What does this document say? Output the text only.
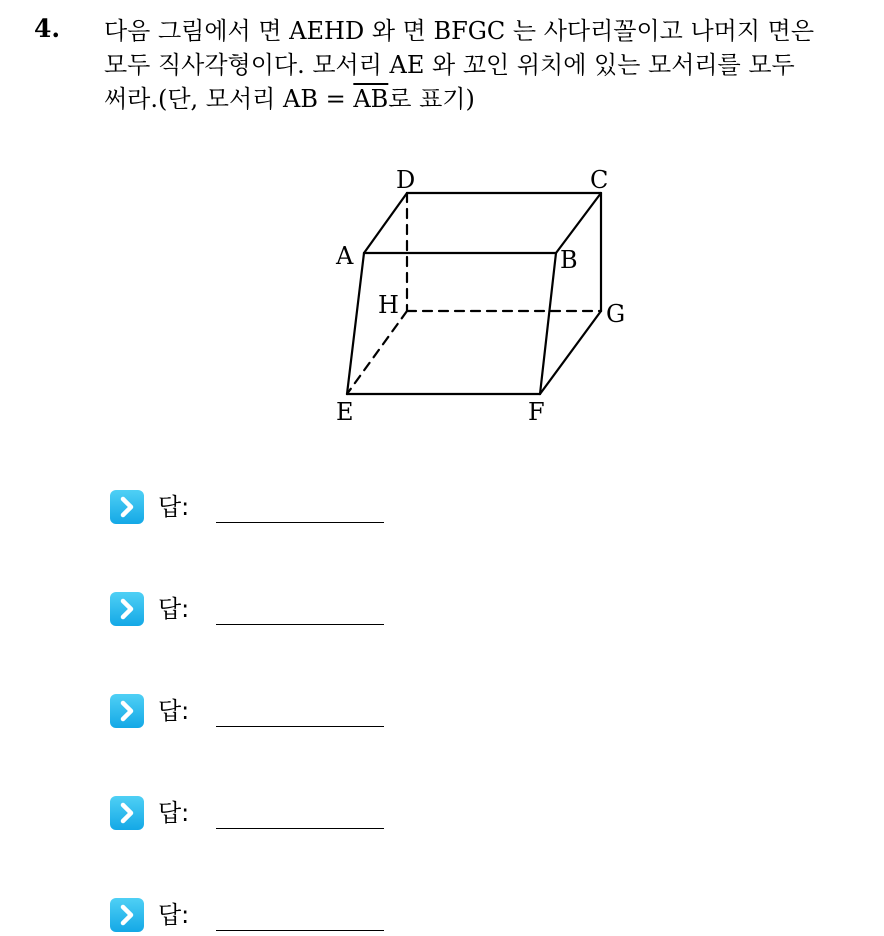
4. 다음 그림에서 면 AEHD 와 면 BFGC 는 사다리꼴이고 나머지 면은
모두 직사각형이다. 모서리 AE 와 꼬인 위치에 있는 모서리를 모두
써라.(단, 모서리 AB = $\overline{AB}$로 표기)
D	C
A	B
H	G
E	F
답:
답:
답:
답:
답:
